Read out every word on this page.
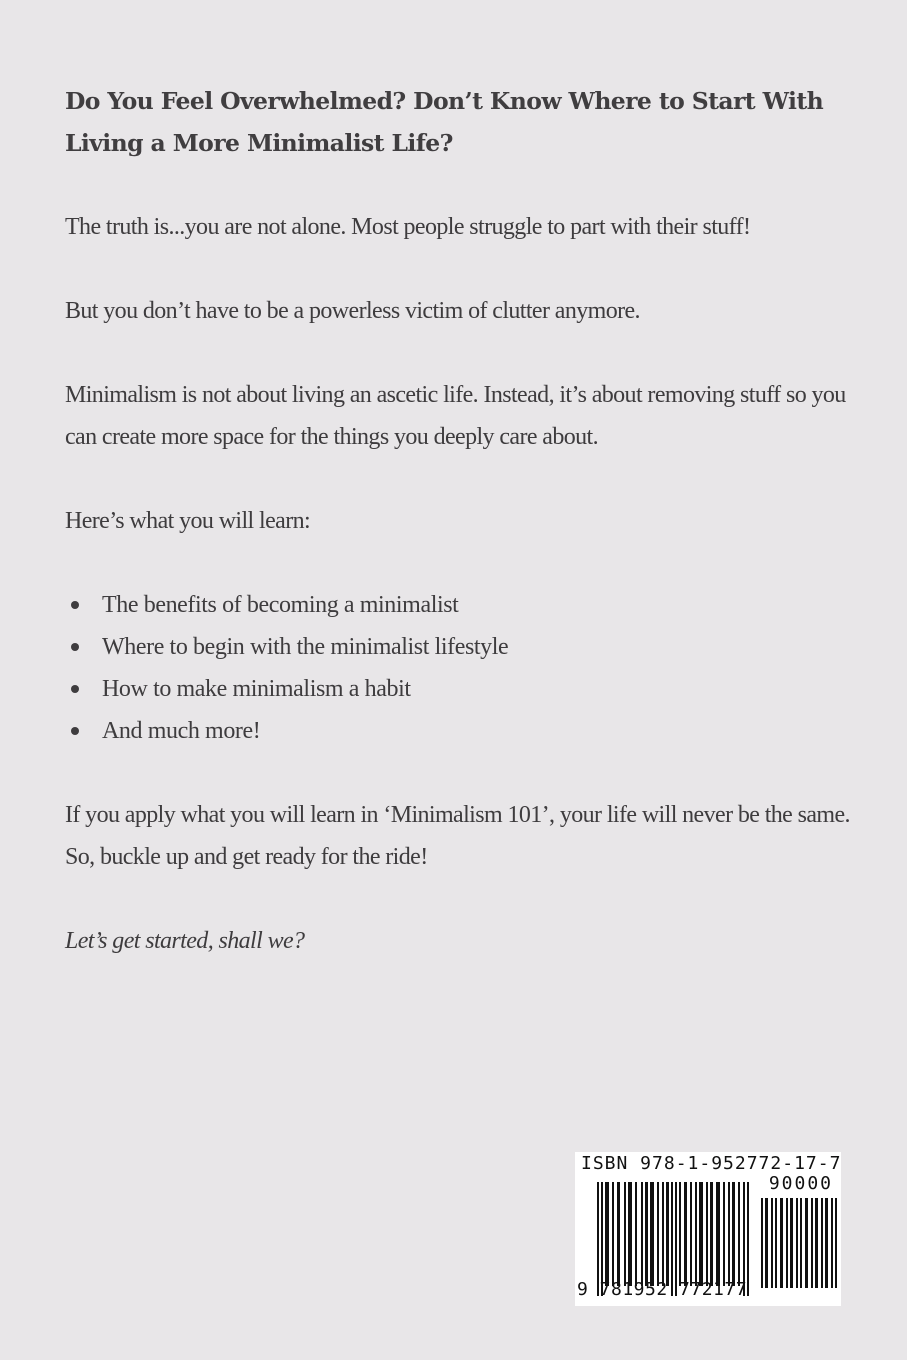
Do You Feel Overwhelmed? Don’t Know Where to Start With Living a More Minimalist Life?

The truth is...you are not alone. Most people struggle to part with their stuff!

But you don’t have to be a powerless victim of clutter anymore.

Minimalism is not about living an ascetic life. Instead, it’s about removing stuff so you can create more space for the things you deeply care about.

Here’s what you will learn:

The benefits of becoming a minimalist
Where to begin with the minimalist lifestyle
How to make minimalism a habit
And much more!

If you apply what you will learn in ‘Minimalism 101’, your life will never be the same. So, buckle up and get ready for the ride!

Let’s get started, shall we?

ISBN 978-1-952772-17-7
90000
9 781952 772177
